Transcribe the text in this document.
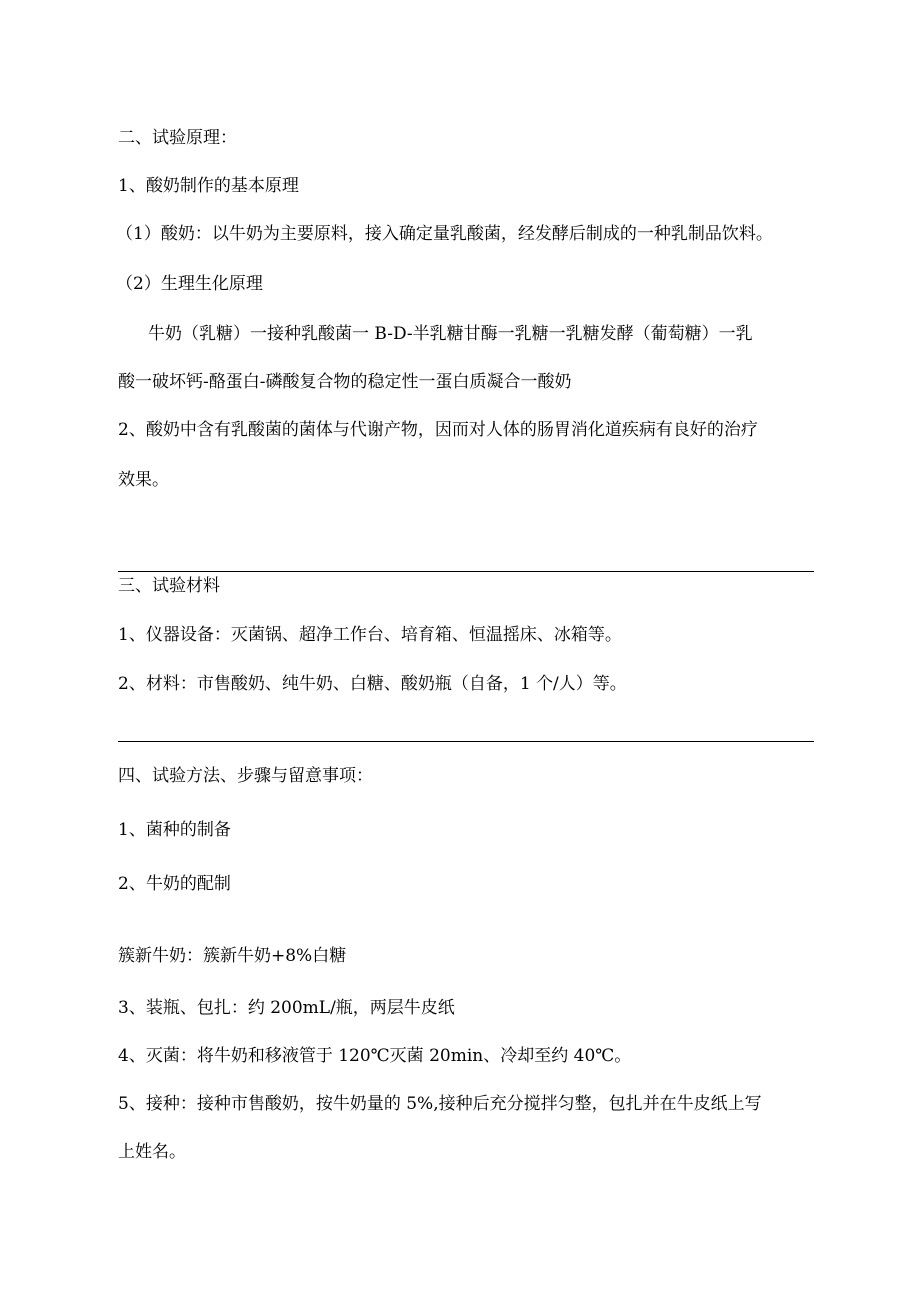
二、试验原理：
1、酸奶制作的基本原理
（1）酸奶：以牛奶为主要原料，接入确定量乳酸菌，经发酵后制成的一种乳制品饮料。
（2）生理生化原理
牛奶（乳糖）一接种乳酸菌一 B-D-半乳糖甘酶一乳糖一乳糖发酵（葡萄糖）一乳
酸一破坏钙-酪蛋白-磷酸复合物的稳定性一蛋白质凝合一酸奶
2、酸奶中含有乳酸菌的菌体与代谢产物，因而对人体的肠胃消化道疾病有良好的治疗
效果。
三、试验材料
1、仪器设备：灭菌锅、超净工作台、培育箱、恒温摇床、冰箱等。
2、材料：市售酸奶、纯牛奶、白糖、酸奶瓶（自备，1 个/人）等。
四、试验方法、步骤与留意事项：
1、菌种的制备
2、牛奶的配制
簇新牛奶：簇新牛奶+8%白糖
3、装瓶、包扎：约 200mL/瓶，两层牛皮纸
4、灭菌：将牛奶和移液管于 120℃灭菌 20min、冷却至约 40℃。
5、接种：接种市售酸奶，按牛奶量的 5%,接种后充分搅拌匀整，包扎并在牛皮纸上写
上姓名。
